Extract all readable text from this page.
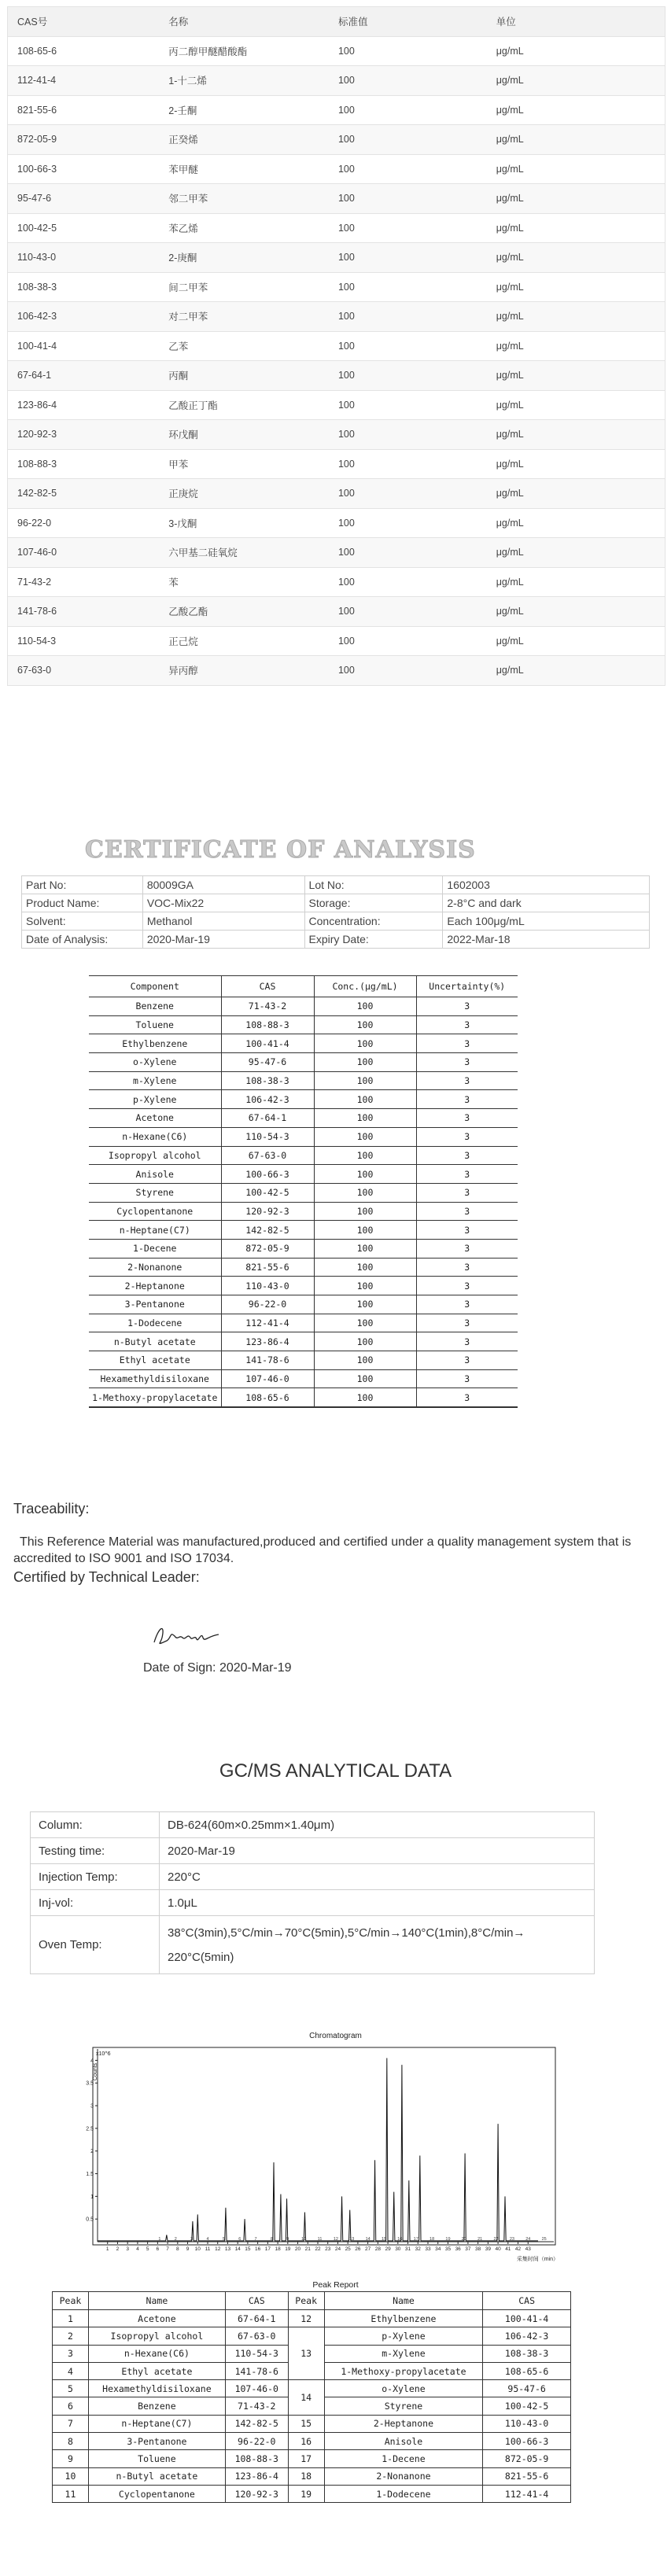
CAS号	名称	标准值	单位
108-65-6	丙二醇甲醚醋酸酯	100	μg/mL
112-41-4	1-十二烯	100	μg/mL
821-55-6	2-壬酮	100	μg/mL
872-05-9	正癸烯	100	μg/mL
100-66-3	苯甲醚	100	μg/mL
95-47-6	邻二甲苯	100	μg/mL
100-42-5	苯乙烯	100	μg/mL
110-43-0	2-庚酮	100	μg/mL
108-38-3	间二甲苯	100	μg/mL
106-42-3	对二甲苯	100	μg/mL
100-41-4	乙苯	100	μg/mL
67-64-1	丙酮	100	μg/mL
123-86-4	乙酸正丁酯	100	μg/mL
120-92-3	环戊酮	100	μg/mL
108-88-3	甲苯	100	μg/mL
142-82-5	正庚烷	100	μg/mL
96-22-0	3-戊酮	100	μg/mL
107-46-0	六甲基二硅氧烷	100	μg/mL
71-43-2	苯	100	μg/mL
141-78-6	乙酸乙酯	100	μg/mL
110-54-3	正己烷	100	μg/mL
67-63-0	异丙醇	100	μg/mL
CERTIFICATE OF ANALYSIS
Part No:	80009GA	Lot No:	1602003
Product Name:	VOC-Mix22	Storage:	2-8°C and dark
Solvent:	Methanol	Concentration:	Each 100μg/mL
Date of Analysis:	2020-Mar-19	Expiry Date:	2022-Mar-18
Component	CAS	Conc.(μg/mL)	Uncertainty(%)
Benzene	71-43-2	100	3
Toluene	108-88-3	100	3
Ethylbenzene	100-41-4	100	3
o-Xylene	95-47-6	100	3
m-Xylene	108-38-3	100	3
p-Xylene	106-42-3	100	3
Acetone	67-64-1	100	3
n-Hexane(C6)	110-54-3	100	3
Isopropyl alcohol	67-63-0	100	3
Anisole	100-66-3	100	3
Styrene	100-42-5	100	3
Cyclopentanone	120-92-3	100	3
n-Heptane(C7)	142-82-5	100	3
1-Decene	872-05-9	100	3
2-Nonanone	821-55-6	100	3
2-Heptanone	110-43-0	100	3
3-Pentanone	96-22-0	100	3
1-Dodecene	112-41-4	100	3
n-Butyl acetate	123-86-4	100	3
Ethyl acetate	141-78-6	100	3
Hexamethyldisiloxane	107-46-0	100	3
1-Methoxy-propylacetate	108-65-6	100	3
Traceability:
This Reference Material was manufactured,produced and certified under a quality management system that is accredited to ISO 9001 and ISO 17034.
Certified by Technical Leader:
Date of Sign: 2020-Mar-19
GC/MS ANALYTICAL DATA
Column:	DB-624(60m×0.25mm×1.40μm)
Testing time:	2020-Mar-19
Injection Temp:	220°C
Inj-vol:	1.0μL
Oven Temp:	38°C(3min),5°C/min→70°C(5min),5°C/min→140°C(1min),8°C/min→ 220°C(5min)
Chromatogram
x10^6
Counts
0.5
1
1.5
2
2.5
3
3.5
4
1 2 3 4 5 6 7 8 9 10 11 12 13 14 15 16 17 18 19 20 21 22 23 24 25 26 27 28 29 30 31 32 33 34 35 36 37 38 39 40 41 42 43
采集时间（min）
1	2	3	4	5	6	7	8	9	10	11	12	13	14	15	16	17	18	19	20	21	22	23	24	25
Peak Report
Peak	Name	CAS	Peak	Name	CAS
1	Acetone	67-64-1	12	Ethylbenzene	100-41-4
2	Isopropyl alcohol	67-63-0	13	p-Xylene	106-42-3
3	n-Hexane(C6)	110-54-3		m-Xylene	108-38-3
4	Ethyl acetate	141-78-6		1-Methoxy-propylacetate	108-65-6
5	Hexamethyldisiloxane	107-46-0	14	o-Xylene	95-47-6
6	Benzene	71-43-2		Styrene	100-42-5
7	n-Heptane(C7)	142-82-5	15	2-Heptanone	110-43-0
8	3-Pentanone	96-22-0	16	Anisole	100-66-3
9	Toluene	108-88-3	17	1-Decene	872-05-9
10	n-Butyl acetate	123-86-4	18	2-Nonanone	821-55-6
11	Cyclopentanone	120-92-3	19	1-Dodecene	112-41-4
